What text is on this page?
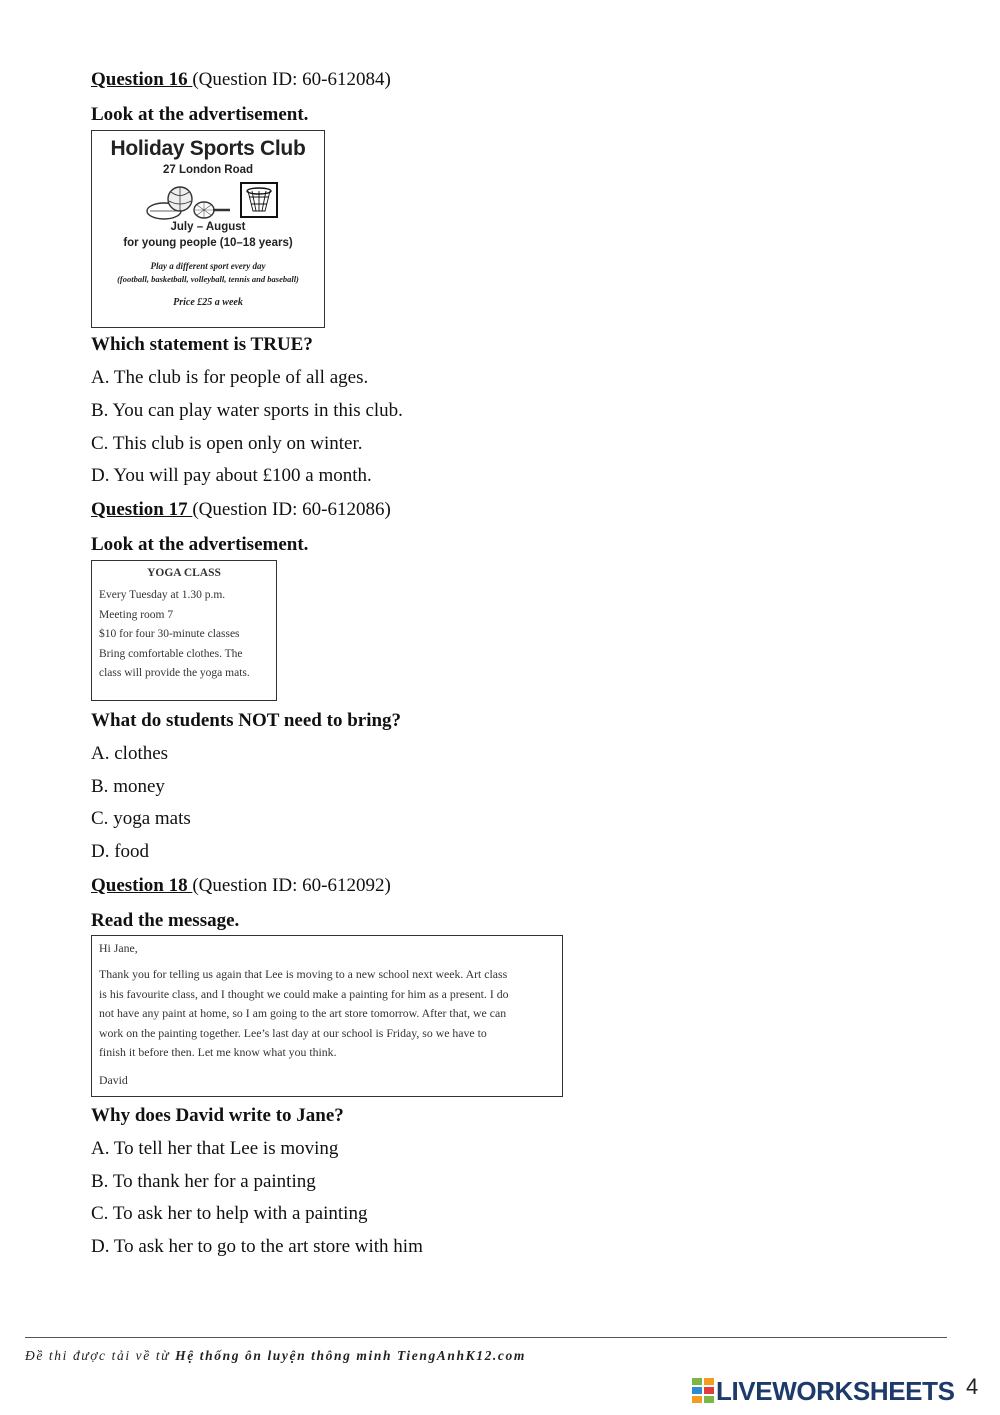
Question 16 (Question ID: 60-612084)
Look at the advertisement.
Holiday Sports Club
27 London Road
July – August
for young people (10–18 years)
Play a different sport every day
(football, basketball, volleyball, tennis and baseball)
Price £25 a week
Which statement is TRUE?
A. The club is for people of all ages.
B. You can play water sports in this club.
C. This club is open only on winter.
D. You will pay about £100 a month.
Question 17 (Question ID: 60-612086)
Look at the advertisement.
YOGA CLASS
Every Tuesday at 1.30 p.m.
Meeting room 7
$10 for four 30-minute classes
Bring comfortable clothes. The
class will provide the yoga mats.
What do students NOT need to bring?
A. clothes
B. money
C. yoga mats
D. food
Question 18 (Question ID: 60-612092)
Read the message.
Hi Jane,
Thank you for telling us again that Lee is moving to a new school next week. Art class
is his favourite class, and I thought we could make a painting for him as a present. I do
not have any paint at home, so I am going to the art store tomorrow. After that, we can
work on the painting together. Lee’s last day at our school is Friday, so we have to
finish it before then. Let me know what you think.
David
Why does David write to Jane?
A. To tell her that Lee is moving
B. To thank her for a painting
C. To ask her to help with a painting
D. To ask her to go to the art store with him
Đề thi được tải về từ Hệ thống ôn luyện thông minh TiengAnhK12.com
LIVEWORKSHEETS 4
